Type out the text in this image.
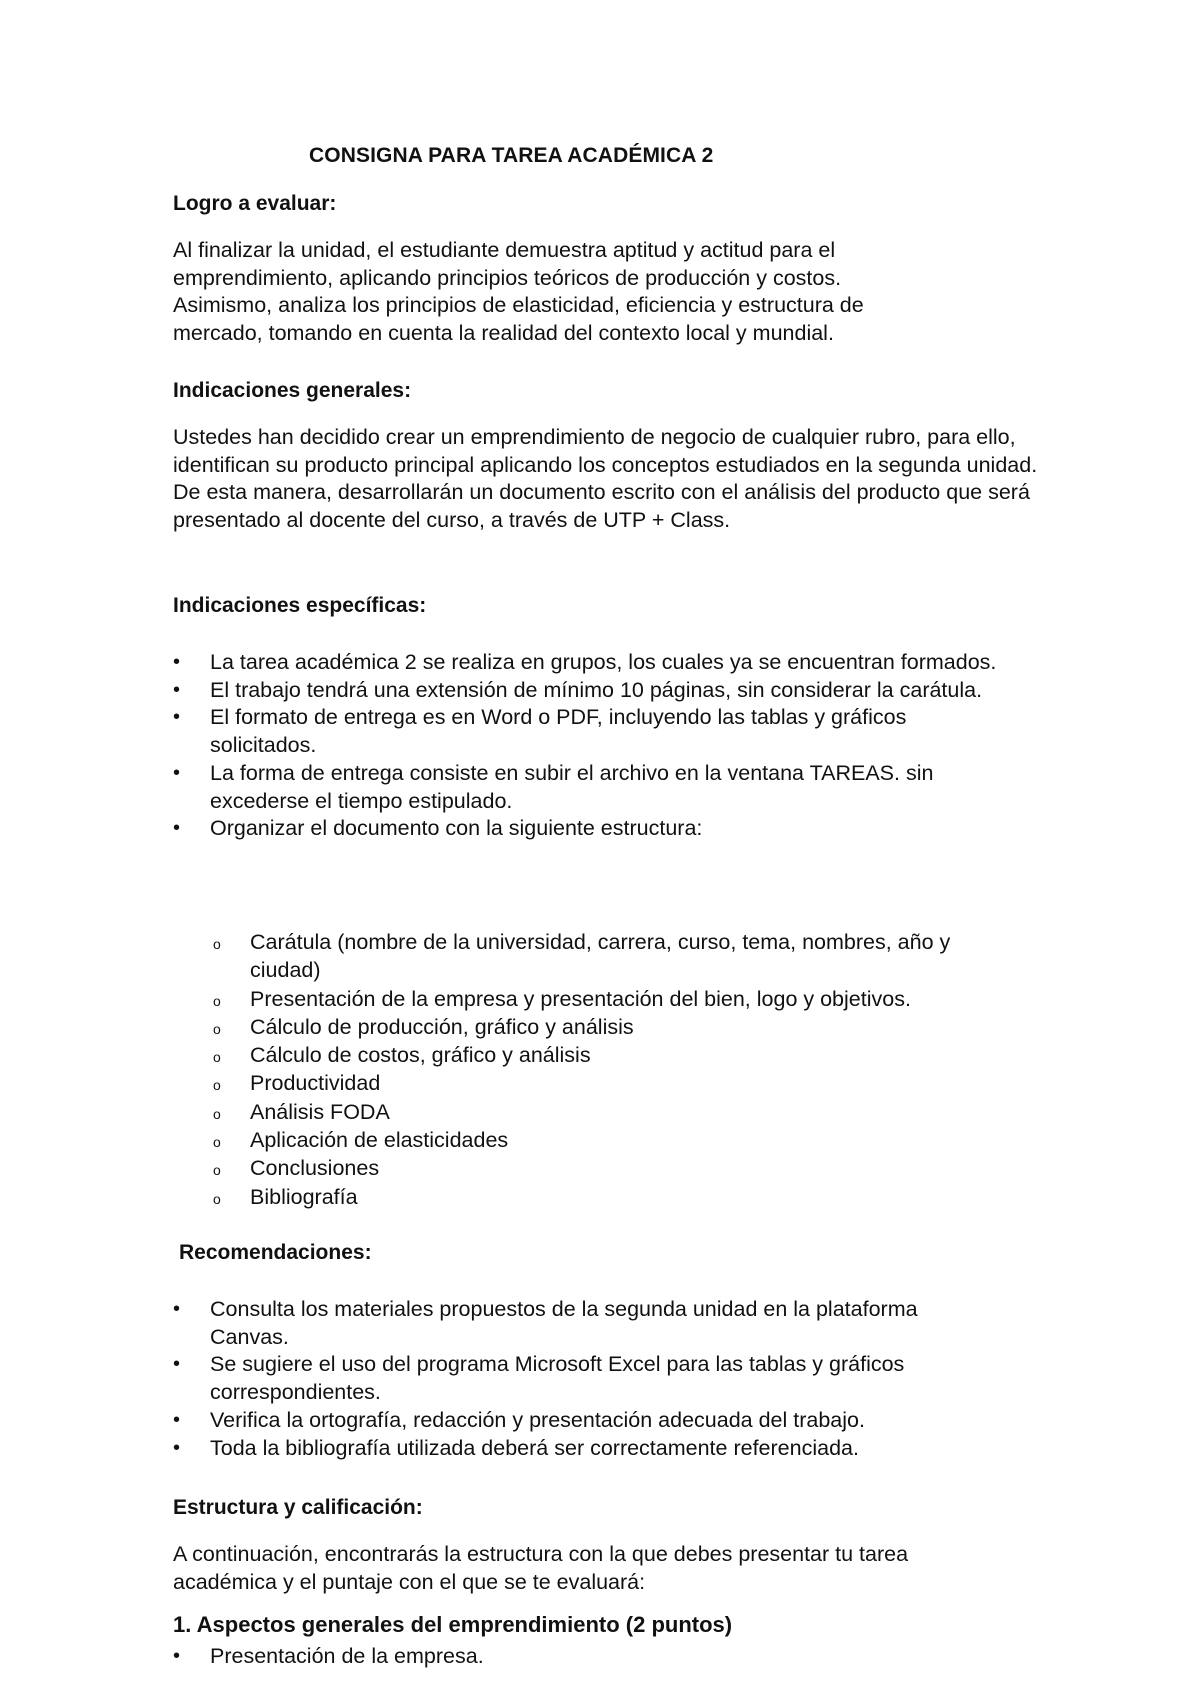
CONSIGNA PARA TAREA ACADÉMICA 2
Logro a evaluar:
Al finalizar la unidad, el estudiante demuestra aptitud y actitud para el emprendimiento, aplicando principios teóricos de producción y costos. Asimismo, analiza los principios de elasticidad, eficiencia y estructura de mercado, tomando en cuenta la realidad del contexto local y mundial.
Indicaciones generales:
Ustedes han decidido crear un emprendimiento de negocio de cualquier rubro, para ello, identifican su producto principal aplicando los conceptos estudiados en la segunda unidad. De esta manera, desarrollarán un documento escrito con el análisis del producto que será presentado al docente del curso, a través de UTP + Class.
Indicaciones específicas:
• La tarea académica 2 se realiza en grupos, los cuales ya se encuentran formados.
• El trabajo tendrá una extensión de mínimo 10 páginas, sin considerar la carátula.
• El formato de entrega es en Word o PDF, incluyendo las tablas y gráficos solicitados.
• La forma de entrega consiste en subir el archivo en la ventana TAREAS. sin excederse el tiempo estipulado.
• Organizar el documento con la siguiente estructura:
o Carátula (nombre de la universidad, carrera, curso, tema, nombres, año y ciudad)
o Presentación de la empresa y presentación del bien, logo y objetivos.
o Cálculo de producción, gráfico y análisis
o Cálculo de costos, gráfico y análisis
o Productividad
o Análisis FODA
o Aplicación de elasticidades
o Conclusiones
o Bibliografía
Recomendaciones:
• Consulta los materiales propuestos de la segunda unidad en la plataforma Canvas.
• Se sugiere el uso del programa Microsoft Excel para las tablas y gráficos correspondientes.
• Verifica la ortografía, redacción y presentación adecuada del trabajo.
• Toda la bibliografía utilizada deberá ser correctamente referenciada.
Estructura y calificación:
A continuación, encontrarás la estructura con la que debes presentar tu tarea académica y el puntaje con el que se te evaluará:
1. Aspectos generales del emprendimiento (2 puntos)
• Presentación de la empresa.
